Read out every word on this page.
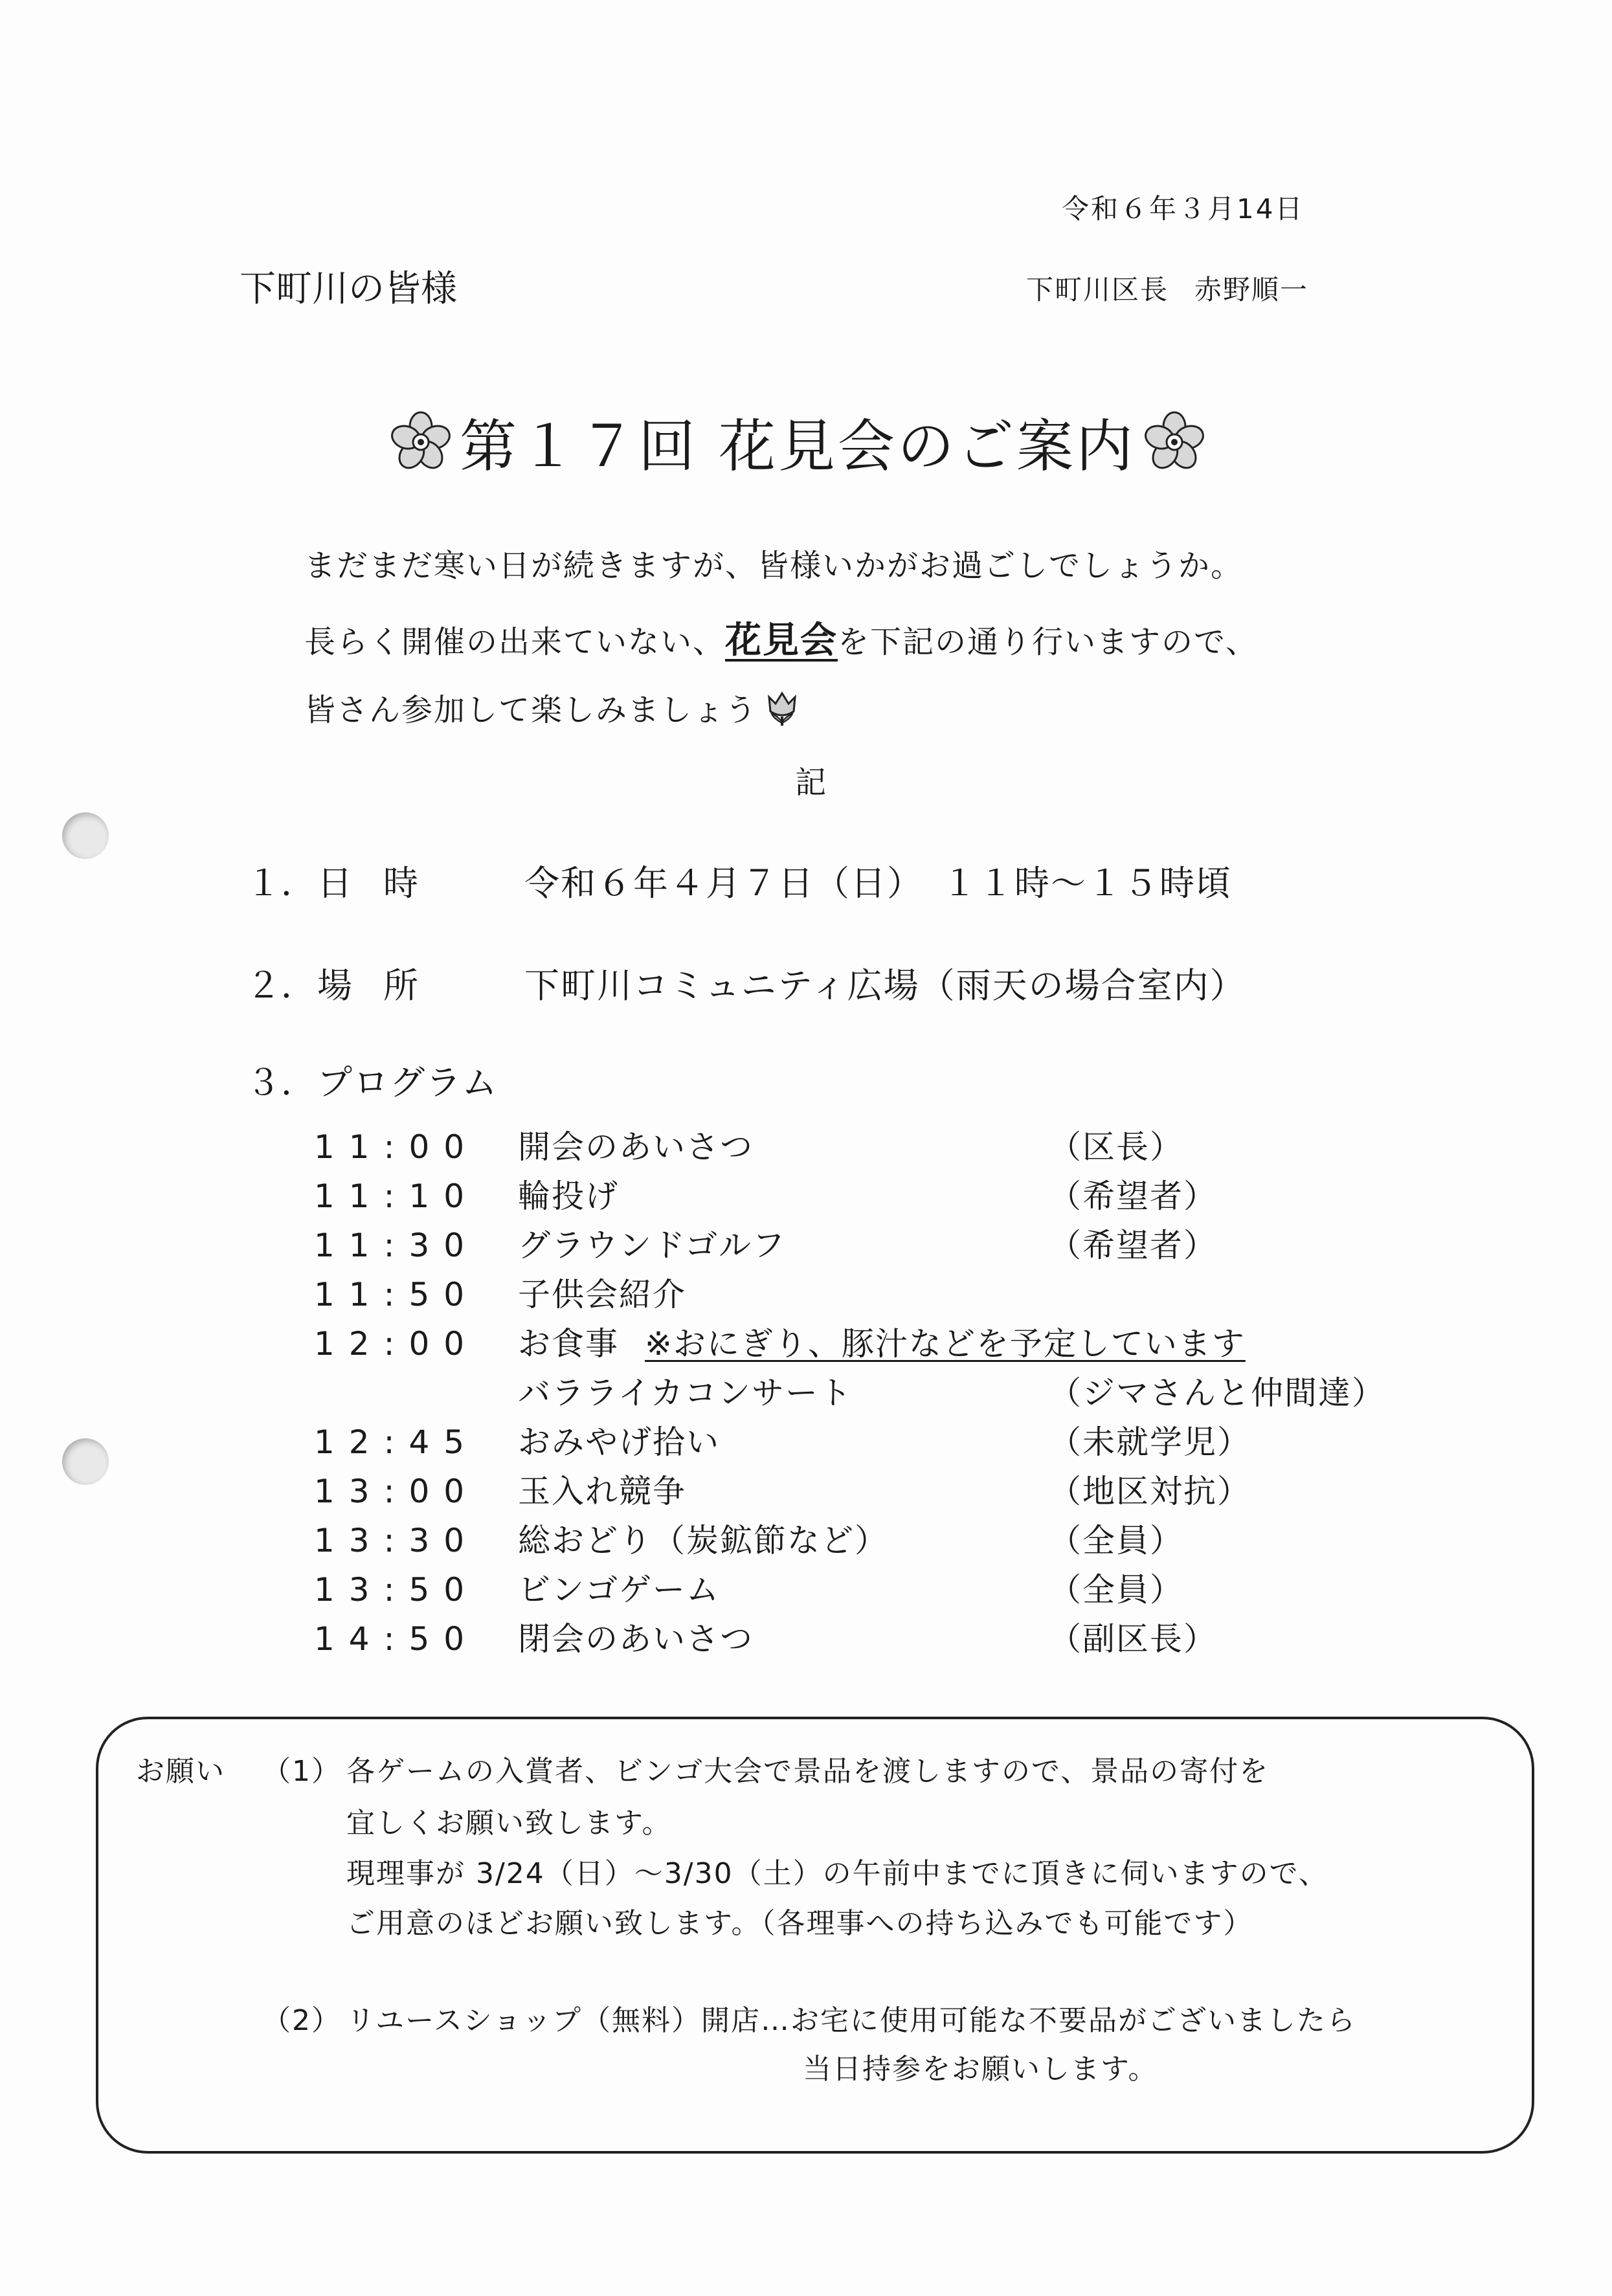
令和６年３月14日
下町川の皆様	下町川区長 赤野順一
第１７回 花見会のご案内
まだまだ寒い日が続きますが、皆様いかがお過ごしでしょうか。
長らく開催の出来ていない、花見会を下記の通り行いますので、
皆さん参加して楽しみましょう
記
１． 日時	令和６年４月７日（日）　１１時～１５時頃
２． 場所	下町川コミュニティ広場（雨天の場合室内）
３． プログラム
11:00 開会のあいさつ	（区長）
11:10 輪投げ	（希望者）
11:30 グラウンドゴルフ	（希望者）
11:50 子供会紹介
12:00 お食事 ※おにぎり、豚汁などを予定しています
バラライカコンサート	（ジマさんと仲間達）
12:45 おみやげ拾い	（未就学児）
13:00 玉入れ競争	（地区対抗）
13:30 総おどり（炭鉱節など）	（全員）
13:50 ビンゴゲーム	（全員）
14:50 閉会のあいさつ	（副区長）
お願い （1） 各ゲームの入賞者、ビンゴ大会で景品を渡しますので、景品の寄付を
宜しくお願い致します。
現理事が 3/24（日）～3/30（土）の午前中までに頂きに伺いますので、
ご用意のほどお願い致します。（各理事への持ち込みでも可能です）
（2） リユースショップ（無料）開店…お宅に使用可能な不要品がございましたら
当日持参をお願いします。
